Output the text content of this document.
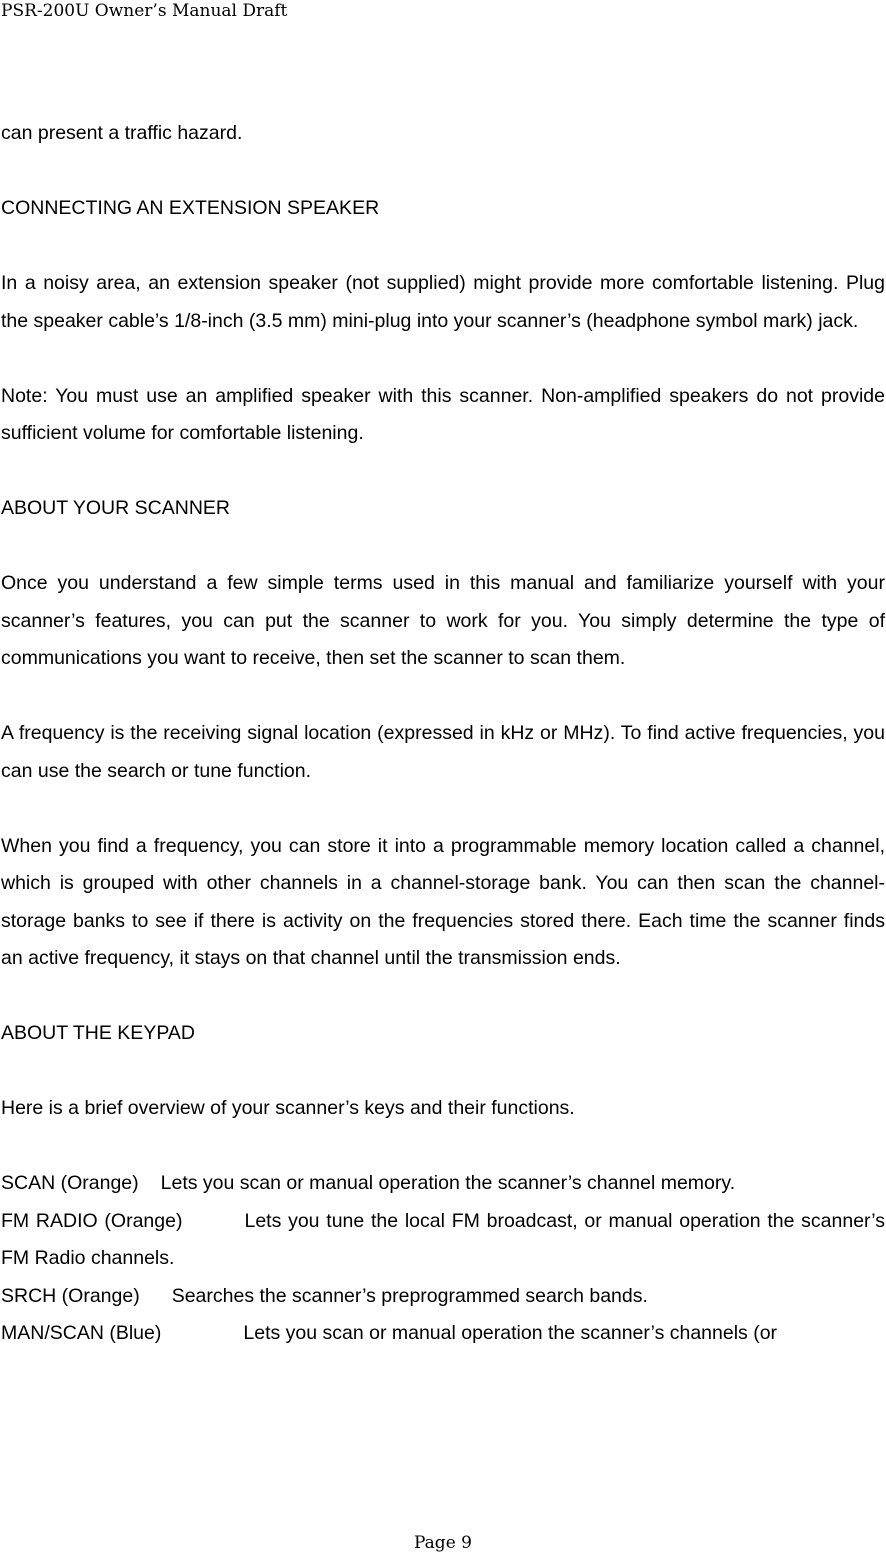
PSR-200U Owner’s Manual Draft

can present a traffic hazard.

CONNECTING AN EXTENSION SPEAKER

In a noisy area, an extension speaker (not supplied) might provide more comfortable listening. Plug the speaker cable’s 1/8-inch (3.5 mm) mini-plug into your scanner’s (headphone symbol mark) jack.

Note: You must use an amplified speaker with this scanner. Non-amplified speakers do not provide sufficient volume for comfortable listening.

ABOUT YOUR SCANNER

Once you understand a few simple terms used in this manual and familiarize yourself with your scanner’s features, you can put the scanner to work for you. You simply determine the type of communications you want to receive, then set the scanner to scan them.

A frequency is the receiving signal location (expressed in kHz or MHz). To find active frequencies, you can use the search or tune function.

When you find a frequency, you can store it into a programmable memory location called a channel, which is grouped with other channels in a channel-storage bank. You can then scan the channel-storage banks to see if there is activity on the frequencies stored there. Each time the scanner finds an active frequency, it stays on that channel until the transmission ends.

ABOUT THE KEYPAD

Here is a brief overview of your scanner’s keys and their functions.

SCAN (Orange) Lets you scan or manual operation the scanner’s channel memory.

FM RADIO (Orange)	Lets you tune the local FM broadcast, or manual operation the scanner’s FM Radio channels.

SRCH (Orange) Searches the scanner’s preprogrammed search bands.

MAN/SCAN (Blue)	Lets you scan or manual operation the scanner’s channels (or

Page 9
